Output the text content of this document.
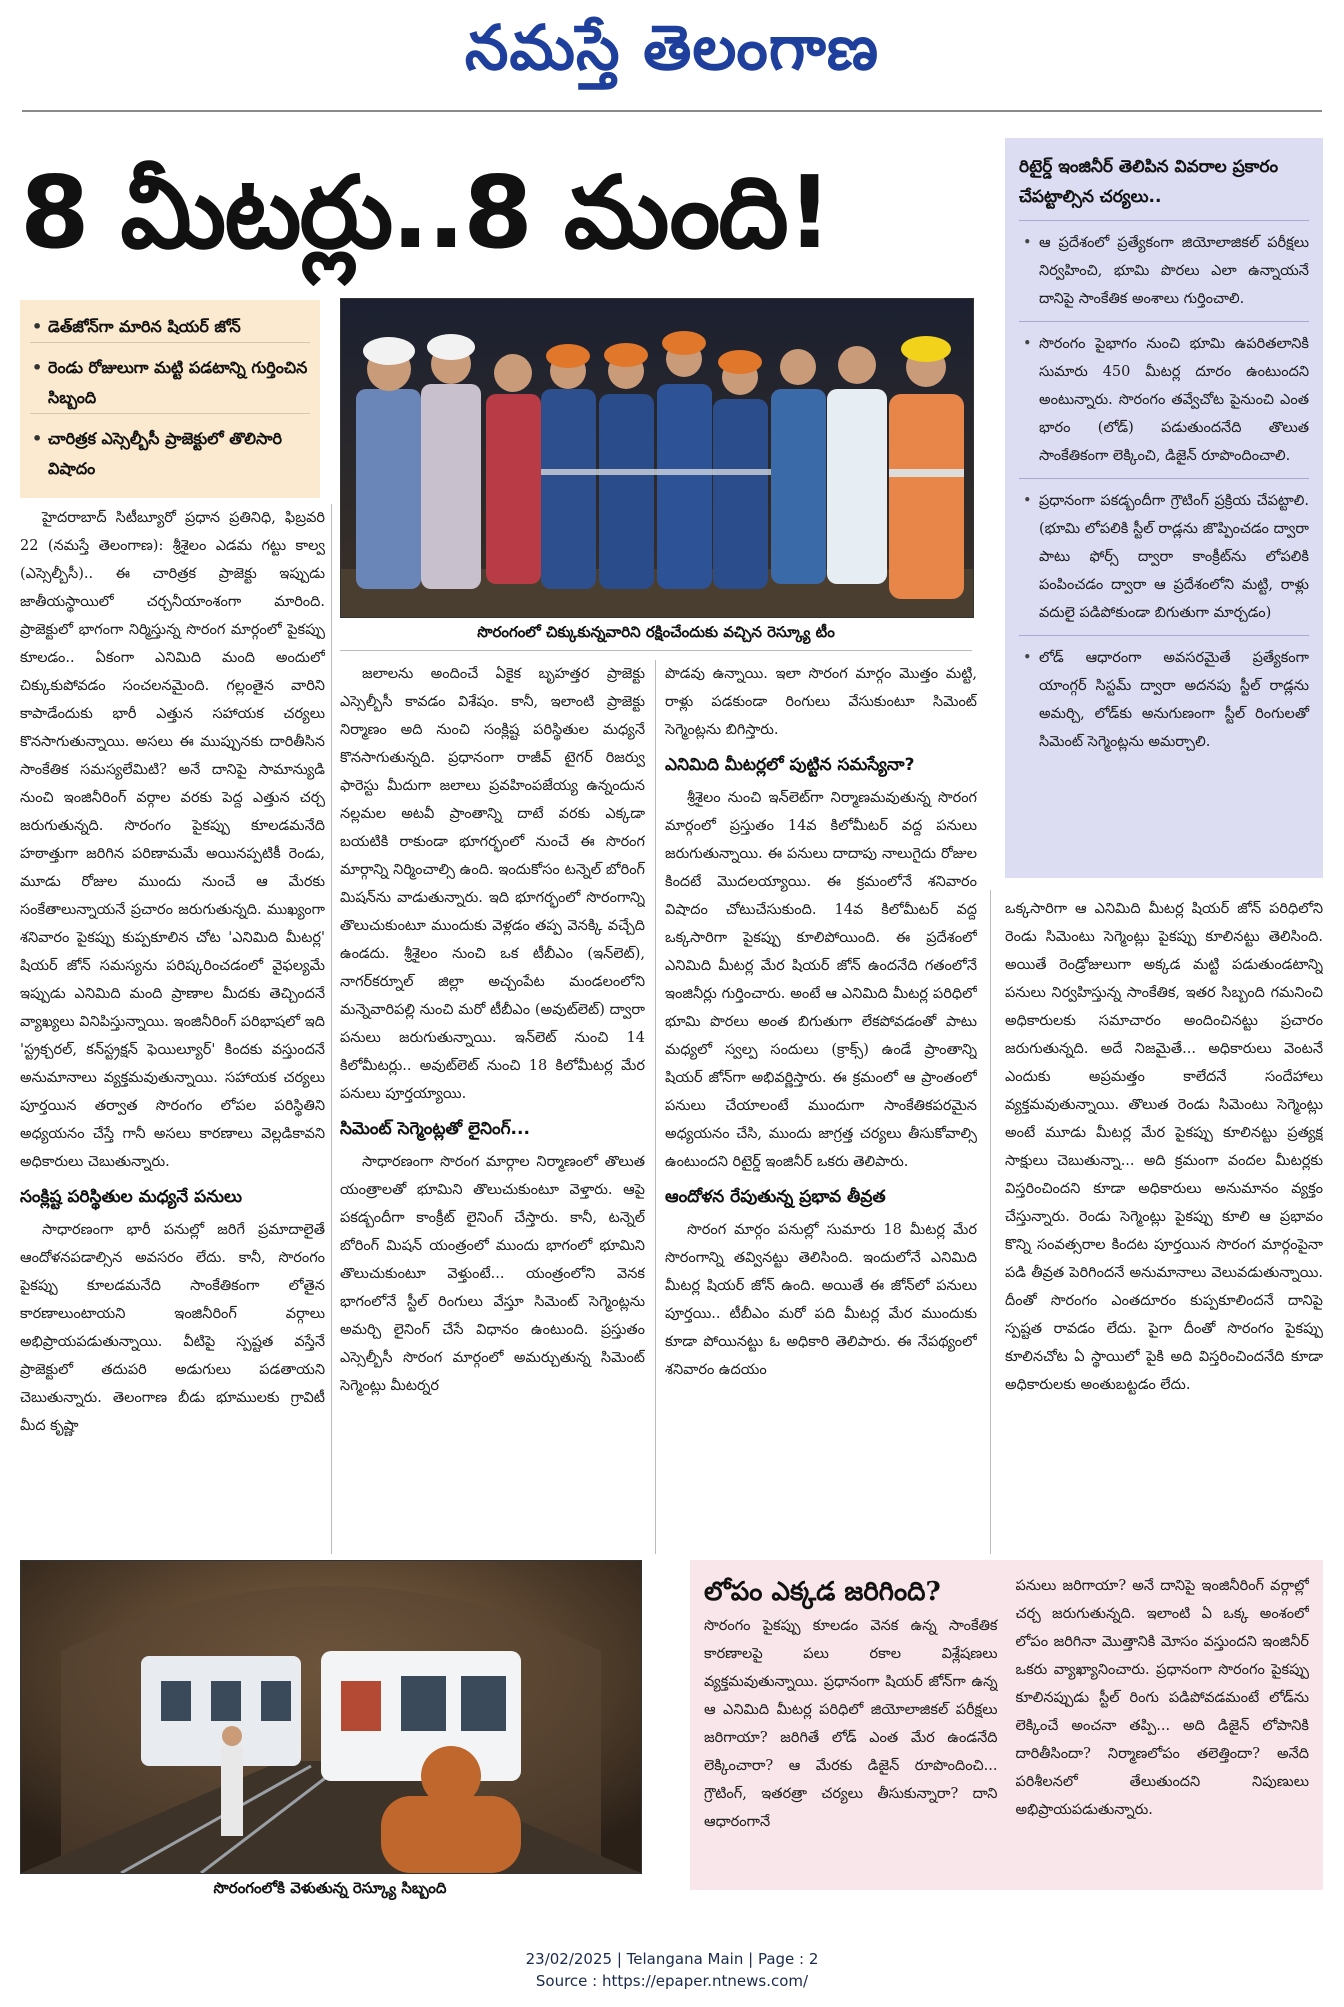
నమస్తే తెలంగాణ
8 మీటర్లు..8 మంది!
• డెత్‌జోన్‌గా మారిన షియర్ జోన్
• రెండు రోజులుగా మట్టి పడటాన్ని గుర్తించిన సిబ్బంది
• చారిత్రక ఎస్సెల్బీసీ ప్రాజెక్టులో తొలిసారి విషాదం
సొరంగంలో చిక్కుకున్నవారిని రక్షించేందుకు వచ్చిన రెస్క్యూ టీం

హైదరాబాద్ సిటీబ్యూరో ప్రధాన ప్రతినిధి, ఫిబ్రవరి 22 (నమస్తే తెలంగాణ): శ్రీశైలం ఎడమ గట్టు కాల్వ (ఎస్సెల్బీసీ).. ఈ చారిత్రక ప్రాజెక్టు ఇప్పుడు జాతీయస్థాయిలో చర్చనీయాంశంగా మారింది. ప్రాజెక్టులో భాగంగా నిర్మిస్తున్న సొరంగ మార్గంలో పైకప్పు కూలడం.. ఏకంగా ఎనిమిది మంది అందులో చిక్కుకుపోవడం సంచలనమైంది. గల్లంతైన వారిని కాపాడేందుకు భారీ ఎత్తున సహాయక చర్యలు కొనసాగుతున్నాయి. అసలు ఈ ముప్పునకు దారితీసిన సాంకేతిక సమస్యలేమిటి? అనే దానిపై సామాన్యుడి నుంచి ఇంజినీరింగ్ వర్గాల వరకు పెద్ద ఎత్తున చర్చ జరుగుతున్నది. సొరంగం పైకప్పు కూలడమనేది హఠాత్తుగా జరిగిన పరిణామమే అయినప్పటికీ రెండు, మూడు రోజుల ముందు నుంచే ఆ మేరకు సంకేతాలున్నాయనే ప్రచారం జరుగుతున్నది. ముఖ్యంగా శనివారం పైకప్పు కుప్పకూలిన చోట 'ఎనిమిది మీటర్ల' షియర్ జోన్ సమస్యను పరిష్కరించడంలో వైఫల్యమే ఇప్పుడు ఎనిమిది మంది ప్రాణాల మీదకు తెచ్చిందనే వ్యాఖ్యలు వినిపిస్తున్నాయి. ఇంజినీరింగ్ పరిభాషలో ఇది 'స్ట్రక్చరల్, కన్‌స్ట్రక్షన్ ఫెయిల్యూర్' కిందకు వస్తుందనే అనుమానాలు వ్యక్తమవుతున్నాయి. సహాయక చర్యలు పూర్తయిన తర్వాత సొరంగం లోపల పరిస్థితిని అధ్యయనం చేస్తే గానీ అసలు కారణాలు వెల్లడికావని అధికారులు చెబుతున్నారు.

సంక్లిష్ట పరిస్థితుల మధ్యనే పనులు

సాధారణంగా భారీ పనుల్లో జరిగే ప్రమాదాలైతే ఆందోళనపడాల్సిన అవసరం లేదు. కానీ, సొరంగం పైకప్పు కూలడమనేది సాంకేతికంగా లోతైన కారణాలుంటాయని ఇంజినీరింగ్ వర్గాలు అభిప్రాయపడుతున్నాయి. వీటిపై స్పష్టత వస్తేనే ప్రాజెక్టులో తదుపరి అడుగులు పడతాయని చెబుతున్నారు. తెలంగాణ బీడు భూములకు గ్రావిటీ మీద కృష్ణా

జలాలను అందించే ఏకైక బృహత్తర ప్రాజెక్టు ఎస్సెల్బీసీ కావడం విశేషం. కానీ, ఇలాంటి ప్రాజెక్టు నిర్మాణం అది నుంచి సంక్లిష్ట పరిస్థితుల మధ్యనే కొనసాగుతున్నది. ప్రధానంగా రాజీవ్ టైగర్ రిజర్వు ఫారెస్టు మీదుగా జలాలు ప్రవహింపజేయ్య ఉన్నందున నల్లమల అటవీ ప్రాంతాన్ని దాటే వరకు ఎక్కడా బయటికి రాకుండా భూగర్భంలో నుంచే ఈ సొరంగ మార్గాన్ని నిర్మించాల్సి ఉంది. ఇందుకోసం టన్నెల్ బోరింగ్ మిషన్‌ను వాడుతున్నారు. ఇది భూగర్భంలో సొరంగాన్ని తొలుచుకుంటూ ముందుకు వెళ్లడం తప్ప వెనక్కి వచ్చేది ఉండదు. శ్రీశైలం నుంచి ఒక టీబీఎం (ఇన్‌లెట్), నాగర్‌కర్నూల్ జిల్లా అచ్చంపేట మండలంలోని మన్నెవారిపల్లి నుంచి మరో టీబీఎం (అవుట్‌లెట్) ద్వారా పనులు జరుగుతున్నాయి. ఇన్‌లెట్ నుంచి 14 కిలోమీటర్లు.. అవుట్‌లెట్ నుంచి 18 కిలోమీటర్ల మేర పనులు పూర్తయ్యాయి.

సిమెంట్ సెగ్మెంట్లతో లైనింగ్...

సాధారణంగా సొరంగ మార్గాల నిర్మాణంలో తొలుత యంత్రాలతో భూమిని తొలుచుకుంటూ వెళ్తారు. ఆపై పకడ్బందీగా కాంక్రీట్ లైనింగ్ చేస్తారు. కానీ, టన్నెల్ బోరింగ్ మిషన్ యంత్రంలో ముందు భాగంలో భూమిని తొలుచుకుంటూ వెళ్తుంటే... యంత్రంలోని వెనక భాగంలోనే స్టీల్ రింగులు వేస్తూ సిమెంట్ సెగ్మెంట్లను అమర్చి లైనింగ్ చేసే విధానం ఉంటుంది. ప్రస్తుతం ఎస్సెల్బీసీ సొరంగ మార్గంలో అమర్చుతున్న సిమెంట్ సెగ్మెంట్లు మీటర్నర

పొడవు ఉన్నాయి. ఇలా సొరంగ మార్గం మొత్తం మట్టి, రాళ్లు పడకుండా రింగులు వేసుకుంటూ సిమెంట్ సెగ్మెంట్లను బిగిస్తారు.

ఎనిమిది మీటర్లలో పుట్టిన సమస్యేనా?

శ్రీశైలం నుంచి ఇన్‌లెట్‌గా నిర్మాణమవుతున్న సొరంగ మార్గంలో ప్రస్తుతం 14వ కిలోమీటర్ వద్ద పనులు జరుగుతున్నాయి. ఈ పనులు దాదాపు నాలుగైదు రోజుల కిందటే మొదలయ్యాయి. ఈ క్రమంలోనే శనివారం విషాదం చోటుచేసుకుంది. 14వ కిలోమీటర్ వద్ద ఒక్కసారిగా పైకప్పు కూలిపోయింది. ఈ ప్రదేశంలో ఎనిమిది మీటర్ల మేర షియర్ జోన్ ఉందనేది గతంలోనే ఇంజినీర్లు గుర్తించారు. అంటే ఆ ఎనిమిది మీటర్ల పరిధిలో భూమి పొరలు అంత బిగుతుగా లేకపోవడంతో పాటు మధ్యలో స్వల్ప సందులు (క్రాక్స్) ఉండే ప్రాంతాన్ని షియర్ జోన్‌గా అభివర్ణిస్తారు. ఈ క్రమంలో ఆ ప్రాంతంలో పనులు చేయాలంటే ముందుగా సాంకేతికపరమైన అధ్యయనం చేసి, ముందు జాగ్రత్త చర్యలు తీసుకోవాల్సి ఉంటుందని రిటైర్డ్ ఇంజినీర్ ఒకరు తెలిపారు.

ఆందోళన రేపుతున్న ప్రభావ తీవ్రత

సొరంగ మార్గం పనుల్లో సుమారు 18 మీటర్ల మేర సొరంగాన్ని తవ్వినట్టు తెలిసింది. ఇందులోనే ఎనిమిది మీటర్ల షియర్ జోన్ ఉంది. అయితే ఈ జోన్‌లో పనులు పూర్తయి.. టీబీఎం మరో పది మీటర్ల మేర ముందుకు కూడా పోయినట్టు ఓ అధికారి తెలిపారు. ఈ నేపథ్యంలో శనివారం ఉదయం

రిటైర్డ్ ఇంజినీర్ తెలిపిన వివరాల ప్రకారం చేపట్టాల్సిన చర్యలు..
• ఆ ప్రదేశంలో ప్రత్యేకంగా జియోలాజికల్ పరీక్షలు నిర్వహించి, భూమి పొరలు ఎలా ఉన్నాయనే దానిపై సాంకేతిక అంశాలు గుర్తించాలి.
• సొరంగం పైభాగం నుంచి భూమి ఉపరితలానికి సుమారు 450 మీటర్ల దూరం ఉంటుందని అంటున్నారు. సొరంగం తవ్వేచోట పైనుంచి ఎంత భారం (లోడ్) పడుతుందనేది తొలుత సాంకేతికంగా లెక్కించి, డిజైన్ రూపొందించాలి.
• ప్రధానంగా పకడ్బందీగా గ్రౌటింగ్ ప్రక్రియ చేపట్టాలి. (భూమి లోపలికి స్టీల్ రాడ్లను జొప్పించడం ద్వారా పాటు ఫోర్స్ ద్వారా కాంక్రీట్‌ను లోపలికి పంపించడం ద్వారా ఆ ప్రదేశంలోని మట్టి, రాళ్లు వదులై పడిపోకుండా బిగుతుగా మార్చడం)
• లోడ్ ఆధారంగా అవసరమైతే ప్రత్యేకంగా యాంగ్గర్ సిస్టమ్ ద్వారా అదనపు స్టీల్ రాడ్లను అమర్చి, లోడ్‌కు అనుగుణంగా స్టీల్ రింగులతో సిమెంట్ సెగ్మెంట్లను అమర్చాలి.

ఒక్కసారిగా ఆ ఎనిమిది మీటర్ల షియర్ జోన్ పరిధిలోని రెండు సిమెంటు సెగ్మెంట్లు పైకప్పు కూలినట్టు తెలిసింది. అయితే రెండ్రోజులుగా అక్కడ మట్టి పడుతుండటాన్ని పనులు నిర్వహిస్తున్న సాంకేతిక, ఇతర సిబ్బంది గమనించి అధికారులకు సమాచారం అందించినట్టు ప్రచారం జరుగుతున్నది. అదే నిజమైతే... అధికారులు వెంటనే ఎందుకు అప్రమత్తం కాలేదనే సందేహాలు వ్యక్తమవుతున్నాయి. తొలుత రెండు సిమెంటు సెగ్మెంట్లు అంటే మూడు మీటర్ల మేర పైకప్పు కూలినట్టు ప్రత్యక్ష సాక్షులు చెబుతున్నా... అది క్రమంగా వందల మీటర్లకు విస్తరించిందని కూడా అధికారులు అనుమానం వ్యక్తం చేస్తున్నారు. రెండు సెగ్మెంట్లు పైకప్పు కూలి ఆ ప్రభావం కొన్ని సంవత్సరాల కిందట పూర్తయిన సొరంగ మార్గంపైనా పడి తీవ్రత పెరిగిందనే అనుమానాలు వెలువడుతున్నాయి. దీంతో సొరంగం ఎంతదూరం కుప్పకూలిందనే దానిపై స్పష్టత రావడం లేదు. పైగా దీంతో సొరంగం పైకప్పు కూలినచోట ఏ స్థాయిలో పైకి అది విస్తరించిందనేది కూడా అధికారులకు అంతుబట్టడం లేదు.

సొరంగంలోకి వెళుతున్న రెస్క్యూ సిబ్బంది
లోపం ఎక్కడ జరిగింది?
సొరంగం పైకప్పు కూలడం వెనక ఉన్న సాంకేతిక కారణాలపై పలు రకాల విశ్లేషణలు వ్యక్తమవుతున్నాయి. ప్రధానంగా షియర్ జోన్‌గా ఉన్న ఆ ఎనిమిది మీటర్ల పరిధిలో జియోలాజికల్ పరీక్షలు జరిగాయా? జరిగితే లోడ్ ఎంత మేర ఉండనేది లెక్కించారా? ఆ మేరకు డిజైన్ రూపొందించి... గ్రౌటింగ్, ఇతరత్రా చర్యలు తీసుకున్నారా? దాని ఆధారంగానే
పనులు జరిగాయా? అనే దానిపై ఇంజినీరింగ్ వర్గాల్లో చర్చ జరుగుతున్నది. ఇలాంటి ఏ ఒక్క అంశంలో లోపం జరిగినా మొత్తానికి మోసం వస్తుందని ఇంజినీర్ ఒకరు వ్యాఖ్యానించారు. ప్రధానంగా సొరంగం పైకప్పు కూలినప్పుడు స్టీల్ రింగు పడిపోవడమంటే లోడ్‌ను లెక్కించే అంచనా తప్పి... అది డిజైన్ లోపానికి దారితీసిందా? నిర్మాణలోపం తలెత్తిందా? అనేది పరిశీలనలో తేలుతుందని నిపుణులు అభిప్రాయపడుతున్నారు.
23/02/2025 | Telangana Main | Page : 2
Source : https://epaper.ntnews.com/
